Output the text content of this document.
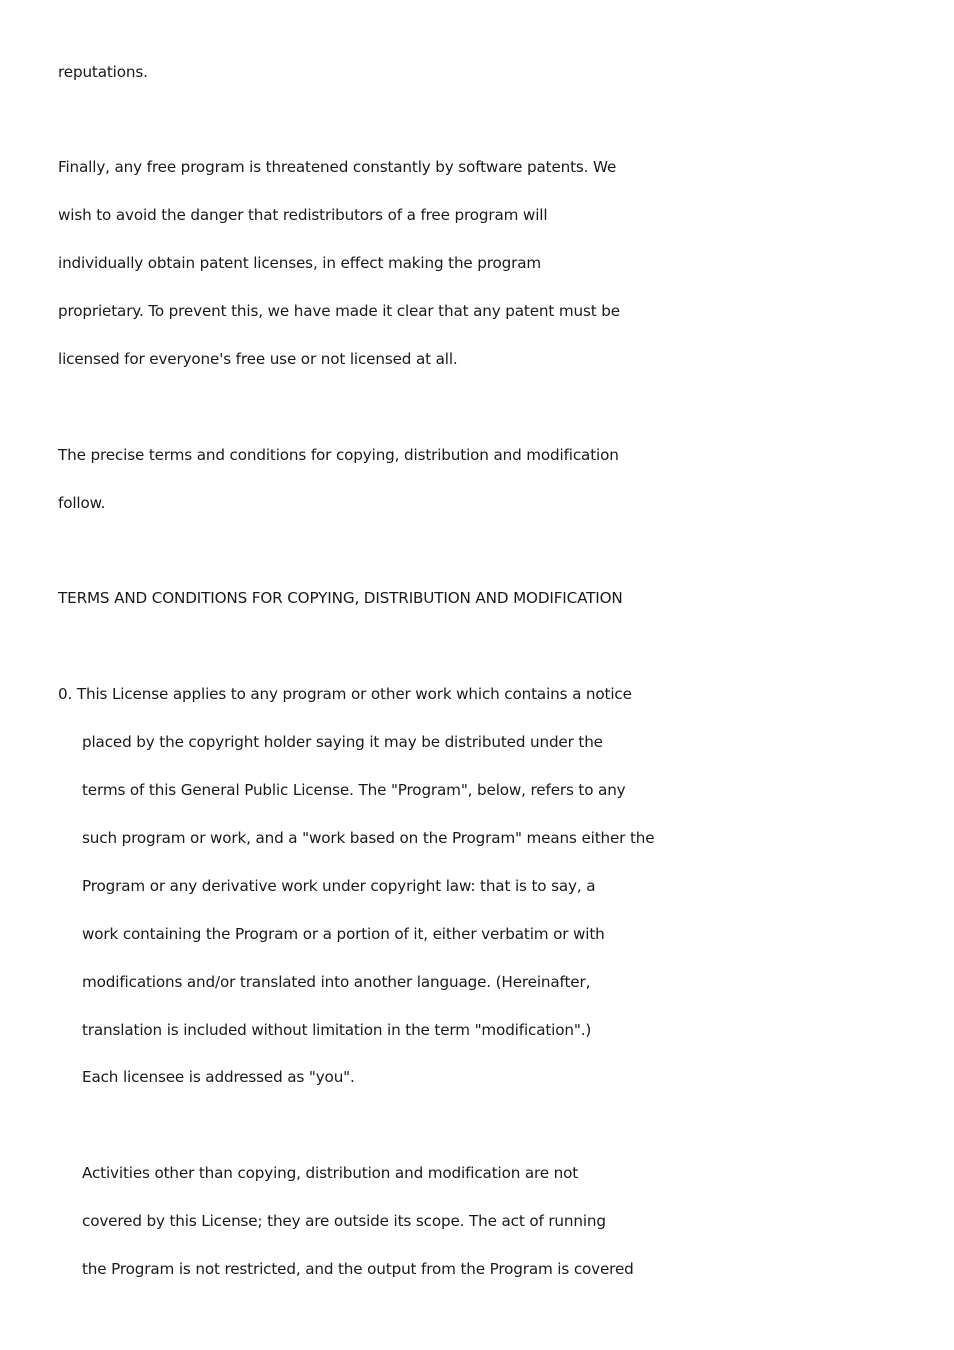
reputations.
Finally, any free program is threatened constantly by software patents. We
wish to avoid the danger that redistributors of a free program will
individually obtain patent licenses, in effect making the program
proprietary. To prevent this, we have made it clear that any patent must be
licensed for everyone's free use or not licensed at all.
The precise terms and conditions for copying, distribution and modification
follow.
TERMS AND CONDITIONS FOR COPYING, DISTRIBUTION AND MODIFICATION
0. This License applies to any program or other work which contains a notice
placed by the copyright holder saying it may be distributed under the
terms of this General Public License. The "Program", below, refers to any
such program or work, and a "work based on the Program" means either the
Program or any derivative work under copyright law: that is to say, a
work containing the Program or a portion of it, either verbatim or with
modifications and/or translated into another language. (Hereinafter,
translation is included without limitation in the term "modification".)
Each licensee is addressed as "you".
Activities other than copying, distribution and modification are not
covered by this License; they are outside its scope. The act of running
the Program is not restricted, and the output from the Program is covered
